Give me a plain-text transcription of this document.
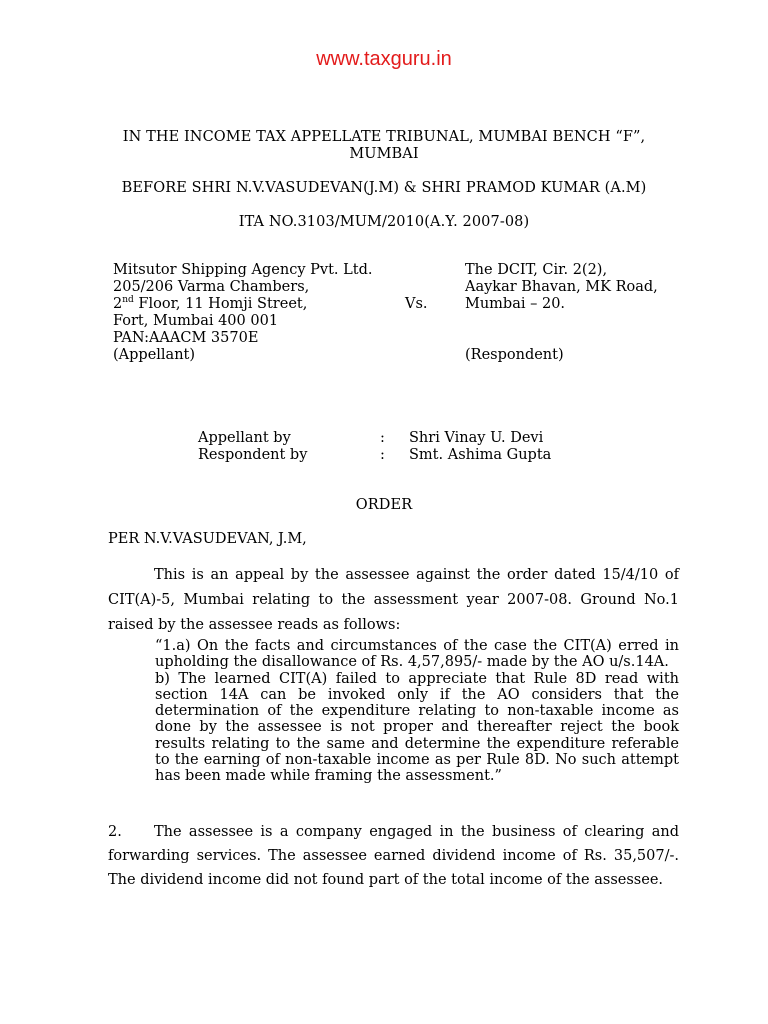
www.taxguru.in
IN THE INCOME TAX APPELLATE TRIBUNAL, MUMBAI BENCH “F”,
MUMBAI
BEFORE SHRI N.V.VASUDEVAN(J.M) & SHRI PRAMOD KUMAR (A.M)
ITA NO.3103/MUM/2010(A.Y. 2007-08)
Mitsutor Shipping Agency Pvt. Ltd.
205/206 Varma Chambers,
2nd Floor, 11 Homji Street,
Fort, Mumbai 400 001
PAN:AAACM 3570E
(Appellant)
Vs.
The DCIT, Cir. 2(2),
Aaykar Bhavan, MK Road,
Mumbai – 20.
(Respondent)
Appellant by	: Shri Vinay U. Devi
Respondent by	: Smt. Ashima Gupta
ORDER
PER N.V.VASUDEVAN, J.M,
This is an appeal by the assessee against the order dated 15/4/10 of CIT(A)-5, Mumbai relating to the assessment year 2007-08. Ground No.1 raised by the assessee reads as follows:

“1.a) On the facts and circumstances of the case the CIT(A) erred in upholding the disallowance of Rs. 4,57,895/- made by the AO u/s.14A.

b) The learned CIT(A) failed to appreciate that Rule 8D read with section 14A can be invoked only if the AO considers that the determination of the expenditure relating to non-taxable income as done by the assessee is not proper and thereafter reject the book results relating to the same and determine the expenditure referable to the earning of non-taxable income as per Rule 8D. No such attempt has been made while framing the assessment.”

2. The assessee is a company engaged in the business of clearing and forwarding services. The assessee earned dividend income of Rs. 35,507/-. The dividend income did not found part of the total income of the assessee.
